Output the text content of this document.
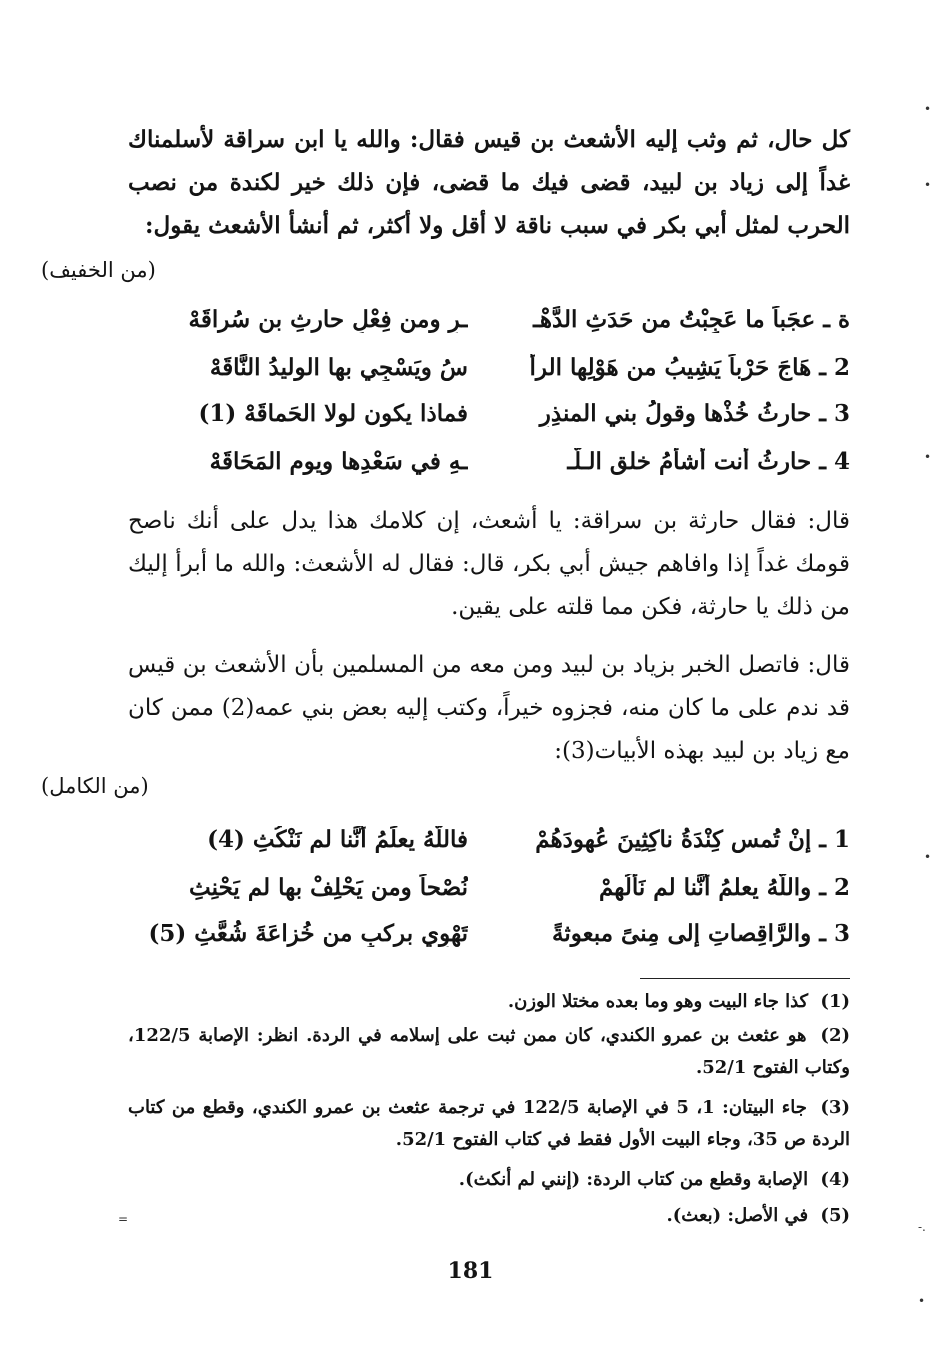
كل حال، ثم وثب إليه الأشعث بن قيس فقال: والله يا ابن سراقة لأسلمناك غداً إلى زياد بن لبيد، قضى فيك ما قضى، فإن ذلك خير لكندة من نصب الحرب لمثل أبي بكر في سبب ناقة لا أقل ولا أكثر، ثم أنشأ الأشعث يقول:
(من الخفيف)
ة ـ عجَباً ما عَجِبْتُ من حَدَثِ الدَّهْـ
ـرِ ومن فِعْلِ حارثِ بنِ سُراقَهْ
2 ـ هَاجَ حَرْباً يَشِيبُ من هَوْلِها الرأ
سُ ويَسْجِي بها الوليدُ النَّاقَهْ
3 ـ حارثُ خُذْها وقولُ بني المنذِرِ
فماذا يكون لولا الحَماقَهْ (1)
4 ـ حارثُ أنت أشأمُ خلقِ الـلَّـ
ـهِ في سَعْدِها ويوم المَحَاقَهْ
قال: فقال حارثة بن سراقة: يا أشعث، إن كلامك هذا يدل على أنك ناصح قومك غداً إذا وافاهم جيش أبي بكر، قال: فقال له الأشعث: والله ما أبرأ إليك من ذلك يا حارثة، فكن مما قلته على يقين.
قال: فاتصل الخبر بزياد بن لبيد ومن معه من المسلمين بأن الأشعث بن قيس قد ندم على ما كان منه، فجزوه خيراً، وكتب إليه بعض بني عمه(2) ممن كان مع زياد بن لبيد بهذه الأبيات(3):
(من الكامل)
1 ـ إنْ تُمسِ كِنْدَةُ ناكِثِينَ عُهودَهُمْ
فاللَّهُ يعلَمُ أنَّنا لم نَنْكُثِ (4)
2 ـ واللَّهُ يعلمُ أنَّنا لم نَأْلُهمْ
نُصْحاً ومن يَحْلِفْ بها لم يَحْنِثِ
3 ـ والرَّاقِصاتِ إلى مِنىً مبعوثةً
تَهْوِي بركبٍ من خُزاعَةَ شُعَّثِ (5)
(1) كذا جاء البيت وهو وما بعده مختلا الوزن.
(2) هو عثعث بن عمرو الكندي، كان ممن ثبت على إسلامه في الردة. انظر: الإصابة 122/5، وكتاب الفتوح 52/1.
(3) جاء البيتان: 1، 5 في الإصابة 122/5 في ترجمة عثعث بن عمرو الكندي، وقطع من كتاب الردة ص 35، وجاء البيت الأول فقط في كتاب الفتوح 52/1.
(4) الإصابة وقطع من كتاب الردة: (إنني لم أنكث).
(5) في الأصل: (بعث).
181
•
•
•
•
=
-.
•
